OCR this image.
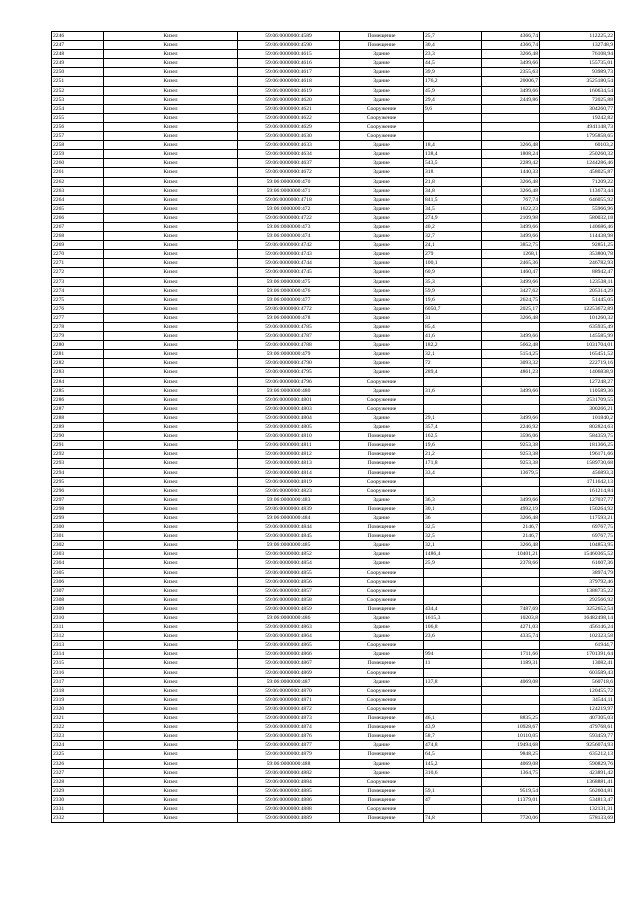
2246	Кизел	59:06:0000000:4589	Помещение	25,7	4366,74	112225,22
2247	Кизел	59:06:0000000:4590	Помещение	30,4	4366,74	132748,9
2248	Кизел	59:06:0000000:4615	Здание	23,3	3266,48	76108,94
2249	Кизел	59:06:0000000:4616	Здание	44,5	3499,66	155735,01
2250	Кизел	59:06:0000000:4617	Здание	39,9	2355,63	93989,73
2251	Кизел	59:06:0000000:4618	Здание	176,2	20006,7	3525180,54
2252	Кизел	59:06:0000000:4619	Здание	45,9	3499,66	160634,54
2253	Кизел	59:06:0000000:4620	Здание	29,4	2449,86	72025,88
2254	Кизел	59:06:0000000:4621	Сооружение	9,6		304260,77
2255	Кизел	59:06:0000000:4622	Сооружение			19242,82
2256	Кизел	59:06:0000000:4629	Сооружение			4941148,73
2257	Кизел	59:06:0000000:4630	Сооружение			1795858,65
2258	Кизел	59:06:0000000:4633	Здание	18,4	3266,48	60103,2
2259	Кизел	59:06:0000000:4634	Здание	138,4	1808,24	250260,32
2260	Кизел	59:06:0000000:4637	Здание	543,5	2289,42	1244286,46
2261	Кизел	59:06:0000000:4672	Здание	318	1440,33	458025,87
2262	Кизел	59:06:0000000:470	Здание	21,8	3266,48	71209,22
2263	Кизел	59:06:0000000:471	Здание	34,8	3266,48	113673,44
2264	Кизел	59:06:0000000:4718	Здание	841,5	767,74	646055,92
2265	Кизел	59:06:0000000:472	Здание	34,5	1622,23	55966,96
2266	Кизел	59:06:0000000:4722	Здание	274,9	2109,98	580032,18
2267	Кизел	59:06:0000000:473	Здание	40,2	3499,66	140686,46
2268	Кизел	59:06:0000000:474	Здание	32,7	3499,66	114438,98
2269	Кизел	59:06:0000000:4742	Здание	24,1	3852,75	92851,25
2270	Кизел	59:06:0000000:4743	Здание	279	1268,1	353800,78
2271	Кизел	59:06:0000000:4744	Здание	100,1	2465,36	246782,93
2272	Кизел	59:06:0000000:4745	Здание	60,9	1460,47	88942,47
2273	Кизел	59:06:0000000:475	Здание	35,3	3499,66	123538,11
2274	Кизел	59:06:0000000:476	Здание	59,9	3427,62	205314,29
2275	Кизел	59:06:0000000:477	Здание	19,6	2624,75	51445,05
2276	Кизел	59:06:0000000:4772	Здание	6050,7	2025,17	12253672,89
2277	Кизел	59:06:0000000:478	Здание	31	3266,48	101260,32
2278	Кизел	59:06:0000000:4785	Здание	85,4		635935,49
2279	Кизел	59:06:0000000:4787	Здание	41,6	3499,66	145585,99
2280	Кизел	59:06:0000000:4788	Здание	182,2	5662,48	1031704,01
2281	Кизел	59:06:0000000:479	Здание	32,1	5154,25	165451,52
2282	Кизел	59:06:0000000:4790	Здание	72	3093,32	222719,16
2283	Кизел	59:06:0000000:4795	Здание	289,4	4861,23	1406838,9
2284	Кизел	59:06:0000000:4796	Сооружение			127248,27
2285	Кизел	59:06:0000000:480	Здание	31,6	3499,66	110589,36
2286	Кизел	59:06:0000000:4801	Сооружение			2531709,55
2287	Кизел	59:06:0000000:4803	Сооружение			300266,21
2288	Кизел	59:06:0000000:4804	Здание	29,1	3499,66	101840,2
2289	Кизел	59:06:0000000:4805	Здание	357,4	2246,92	802824,63
2290	Кизел	59:06:0000000:4810	Помещение	162,5	3596,06	584359,75
2291	Кизел	59:06:0000000:4811	Помещение	19,6	9253,38	181366,25
2292	Кизел	59:06:0000000:4812	Помещение	21,2	9253,38	196171,66
2293	Кизел	59:06:0000000:4813	Помещение	171,8	9253,38	1589730,68
2294	Кизел	59:06:0000000:4814	Помещение	33,4	13679,5	456893,3
2295	Кизел	59:06:0000000:4819	Сооружение			1711642,13
2296	Кизел	59:06:0000000:4823	Сооружение			161214,84
2297	Кизел	59:06:0000000:483	Здание	36,3	3499,66	127037,77
2298	Кизел	59:06:0000000:4839	Помещение	30,1	4992,19	150264,92
2299	Кизел	59:06:0000000:484	Здание	36	3266,48	117593,21
2300	Кизел	59:06:0000000:4844	Помещение	32,5	2146,7	69767,75
2301	Кизел	59:06:0000000:4845	Помещение	32,5	2146,7	69767,75
2302	Кизел	59:06:0000000:485	Здание	32,1	3266,48	104853,95
2303	Кизел	59:06:0000000:4852	Здание	1486,4	10401,21	15460365,52
2304	Кизел	59:06:0000000:4854	Здание	25,9	2378,66	61607,36
2305	Кизел	59:06:0000000:4855	Сооружение			38974,79
2306	Кизел	59:06:0000000:4856	Сооружение			379792,46
2307	Кизел	59:06:0000000:4857	Сооружение			1388735,22
2308	Кизел	59:06:0000000:4858	Сооружение			292566,92
2309	Кизел	59:06:0000000:4859	Помещение	434,4	7487,69	3252652,54
2310	Кизел	59:06:0000000:486	Здание	1615,3	10203,8	16482498,14
2311	Кизел	59:06:0000000:4863	Здание	106,8	4271,03	456146,24
2312	Кизел	59:06:0000000:4864	Здание	23,6	4335,74	102323,58
2313	Кизел	59:06:0000000:4865	Сооружение			61944,7
2314	Кизел	59:06:0000000:4866	Здание	994	1711,66	1701391,64
2315	Кизел	59:06:0000000:4867	Помещение	11	1189,31	13082,41
2316	Кизел	59:06:0000000:4869	Сооружение			603589,43
2317	Кизел	59:06:0000000:487	Здание	137,8	4069,08	560718,6
2318	Кизел	59:06:0000000:4870	Сооружение			120455,72
2319	Кизел	59:06:0000000:4871	Сооружение			34544,11
2320	Кизел	59:06:0000000:4872	Сооружение			124219,97
2321	Кизел	59:06:0000000:4873	Помещение	46,1	8835,25	407305,03
2322	Кизел	59:06:0000000:4874	Помещение	43,9	10928,67	479768,61
2323	Кизел	59:06:0000000:4876	Помещение	58,7	10110,05	593459,77
2324	Кизел	59:06:0000000:4877	Здание	474,8	19494,68	9256074,93
2325	Кизел	59:06:0000000:4879	Помещение	64,5	9848,25	635212,13
2326	Кизел	59:06:0000000:488	Здание	145,2	4069,08	590829,76
2327	Кизел	59:06:0000000:4882	Здание	310,6	1364,75	423891,42
2328	Кизел	59:06:0000000:4884	Сооружение			1368881,41
2329	Кизел	59:06:0000000:4885	Помещение	59,1	9519,54	562604,81
2330	Кизел	59:06:0000000:4886	Помещение	47	11379,01	534813,47
2331	Кизел	59:06:0000000:4888	Сооружение			132131,31
2332	Кизел	59:06:0000000:4889	Помещение	74,8	7720,06	578133,69
